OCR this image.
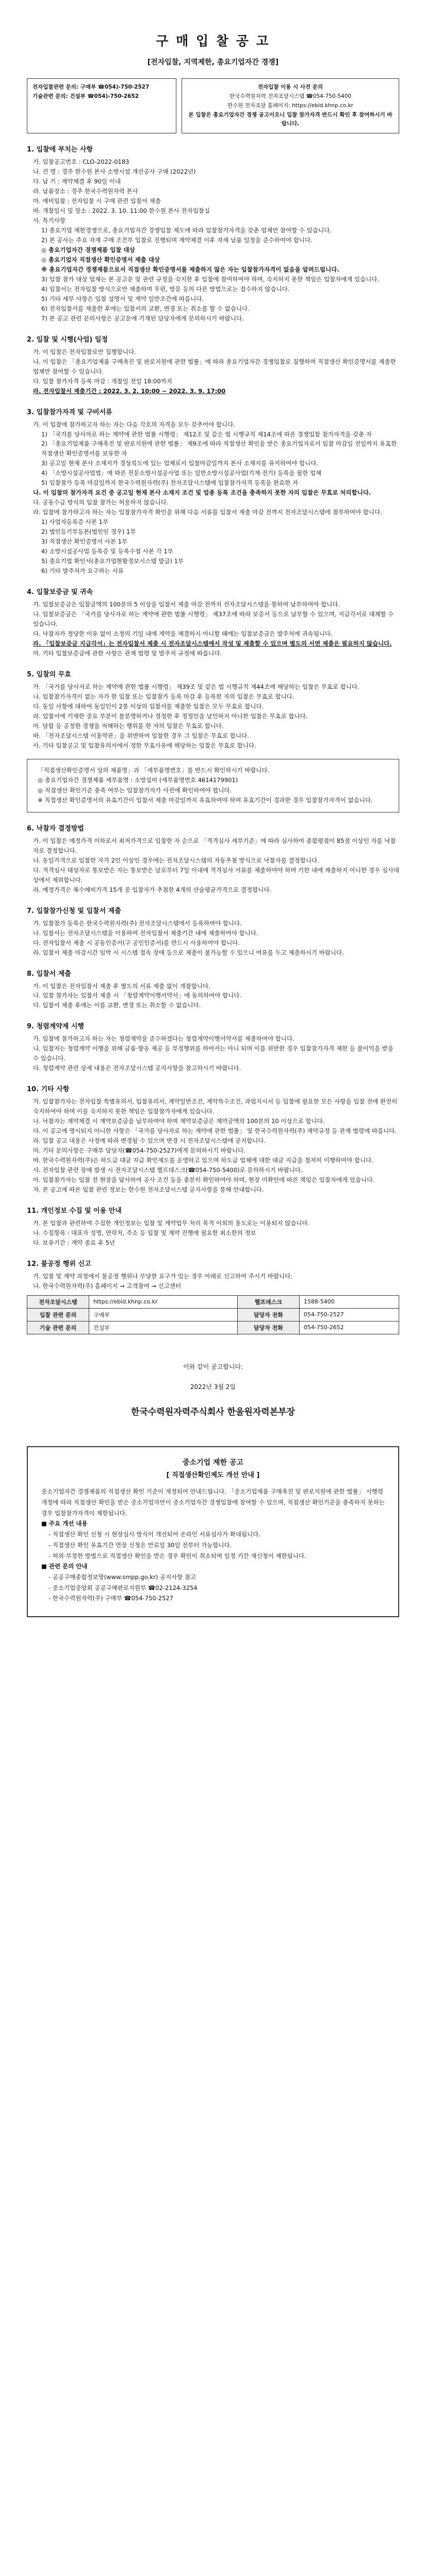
구 매 입 찰 공 고
[전자입찰, 지역제한, 총요기업자간 경쟁]
전자입찰관련 문의: 구매부 ☎054)-750-2527
기술관련 문의: 건설부 ☎054)-750-2652
전자입찰 이용 시 사전 문의
한국수력원자력 전자조달시스템 ☎054-750-5400
한수원 전자조달 홈페이지: https://ebid.khnp.co.kr
본 입찰은 총요기업자간 경쟁 공고이오니 입찰 참가자격 반드시 확인 후 참여하시기 바랍니다.
1. 입찰에 부치는 사항
가. 입찰공고번호 : CLO-2022-0183
나. 건 명 : 경주 한수원 본사 소방시설 개선공사 구매 (2022년)
다. 납 기 : 계약체결 후 90일 이내
라. 납품장소 : 경주 한국수력원자력 본사
마. 예비입찰 : 전자입찰 시 구매 관련 입찰서 제출
바. 개찰일시 및 장소 : 2022. 3. 10. 11:00 한수원 본사 전자입찰실
사. 특기사항
1) 총요기업 제한경쟁으로, 총요기업자간 경쟁입찰 제도에 따라 입찰참가자격을 갖춘 업체만 참여할 수 있습니다.
2) 본 공사는 주요 자재 구매 조건부 입찰로 진행되며 계약체결 이후 자재 납품 일정을 준수하여야 합니다.
◎ 총요기업자간 경쟁제품 입찰 대상
◎ 총요기업자 직접생산 확인증명서 제출 대상
※ 총요기업자간 경쟁제품으로서 직접생산 확인증명서를 제출하지 않은 자는 입찰참가자격이 없음을 알려드립니다.
3) 입찰 참가 대상 업체는 본 공고문 및 관련 규정을 숙지한 후 입찰에 참여하여야 하며, 숙지하지 못한 책임은 입찰자에게 있습니다.
4) 입찰서는 전자입찰 방식으로만 제출하며 우편, 방문 등의 다른 방법으로는 접수하지 않습니다.
5) 기타 세부 사항은 입찰 설명서 및 계약 일반조건에 따릅니다.
6) 전자입찰서를 제출한 후에는 입찰서의 교환, 변경 또는 취소를 할 수 없습니다.
7) 본 공고 관련 문의사항은 공고문에 기재된 담당자에게 문의하시기 바랍니다.
2. 입찰 및 시행(사업) 일정
가. 이 입찰은 전자입찰로만 집행합니다.
나. 이 입찰은 「총요기업제품 구매촉진 및 판로지원에 관한 법률」에 따라 총요기업자간 경쟁입찰로 집행하며 직접생산 확인증명서를 제출한 업체만 참여할 수 있습니다.
다. 입찰 참가자격 등록 마감 : 개찰일 전일 18:00까지
라. 전자입찰서 제출기간 : 2022. 3. 2. 10:00 ~ 2022. 3. 9. 17:00
3. 입찰참가자격 및 구비서류
가. 이 입찰에 참가하고자 하는 자는 다음 각호의 자격을 모두 갖추어야 합니다.
1) 「국가를 당사자로 하는 계약에 관한 법률 시행령」 제12조 및 같은 법 시행규칙 제14조에 따른 경쟁입찰 참가자격을 갖춘 자
2) 「총요기업제품 구매촉진 및 판로지원에 관한 법률」 제9조에 따라 직접생산 확인을 받은 총요기업자로서 입찰 마감일 전일까지 유효한 직접생산 확인증명서를 보유한 자
3) 공고일 현재 본사 소재지가 경상북도에 있는 업체로서 입찰마감일까지 본사 소재지를 유지하여야 합니다.
4) 「소방시설공사업법」에 따른 전문소방시설공사업 또는 일반소방시설공사업(기계·전기) 등록을 필한 업체
5) 입찰참가 등록 마감일까지 한국수력원자력(주) 전자조달시스템에 입찰참가자격 등록을 완료한 자
나. 이 입찰의 참가자격 요건 중 공고일 현재 본사 소재지 조건 및 업종 등록 조건을 충족하지 못한 자의 입찰은 무효로 처리합니다.
다. 공동수급 방식의 입찰 참가는 허용하지 않습니다.
라. 입찰에 참가하고자 하는 자는 입찰참가자격 확인을 위해 다음 서류를 입찰서 제출 마감 전까지 전자조달시스템에 첨부하여야 합니다.
1) 사업자등록증 사본 1부
2) 법인등기부등본(법인인 경우) 1부
3) 직접생산 확인증명서 사본 1부
4) 소방시설공사업 등록증 및 등록수첩 사본 각 1부
5) 총요기업 확인서(총요기업현황정보시스템 발급) 1부
6) 기타 발주처가 요구하는 서류
4. 입찰보증금 및 귀속
가. 입찰보증금은 입찰금액의 100분의 5 이상을 입찰서 제출 마감 전까지 전자조달시스템을 통하여 납부하여야 합니다.
나. 입찰보증금은 「국가를 당사자로 하는 계약에 관한 법률 시행령」 제37조에 따라 보증서 등으로 납부할 수 있으며, 지급각서로 대체할 수 있습니다.
다. 낙찰자가 정당한 이유 없이 소정의 기일 내에 계약을 체결하지 아니할 때에는 입찰보증금은 발주처에 귀속됩니다.
라. 「입찰보증금 지급각서」는 전자입찰서 제출 시 전자조달시스템에서 작성 및 제출할 수 있으며 별도의 서면 제출은 필요하지 않습니다.
마. 기타 입찰보증금에 관한 사항은 관계 법령 및 발주처 규정에 따릅니다.
5. 입찰의 무효
가. 「국가를 당사자로 하는 계약에 관한 법률 시행령」 제39조 및 같은 법 시행규칙 제44조에 해당하는 입찰은 무효로 합니다.
나. 입찰참가자격이 없는 자가 한 입찰 또는 입찰참가 등록 마감 후 등록한 자의 입찰은 무효로 합니다.
다. 동일 사항에 대하여 동일인이 2통 이상의 입찰서를 제출한 입찰은 모두 무효로 합니다.
라. 입찰서에 기재한 중요 부분이 불분명하거나 정정한 후 정정인을 날인하지 아니한 입찰은 무효로 합니다.
마. 담합 등 공정한 경쟁을 저해하는 행위를 한 자의 입찰은 무효로 합니다.
바. 「전자조달시스템 이용약관」을 위반하여 입찰한 경우 그 입찰은 무효로 합니다.
사. 기타 입찰공고 및 입찰유의서에서 정한 무효사유에 해당하는 입찰은 무효로 합니다.
「직접생산확인증명서 상의 제품명」과 「세부품명번호」를 반드시 확인하시기 바랍니다.
◎ 총요기업자간 경쟁제품 세부품명 : 소방설비 (세부품명번호 4614179901)
◎ 직접생산 확인기준 충족 여부는 입찰참가자가 사전에 확인하여야 합니다.
※ 직접생산 확인증명서의 유효기간이 입찰서 제출 마감일까지 유효하여야 하며 유효기간이 경과한 경우 입찰참가자격이 없습니다.
6. 낙찰자 결정방법
가. 이 입찰은 예정가격 이하로서 최저가격으로 입찰한 자 순으로 「적격심사 세부기준」에 따라 심사하여 종합평점이 85점 이상인 자를 낙찰자로 결정합니다.
나. 동일가격으로 입찰한 자가 2인 이상인 경우에는 전자조달시스템의 자동추첨 방식으로 낙찰자를 결정합니다.
다. 적격심사 대상자로 통보받은 자는 통보받은 날로부터 7일 이내에 적격심사 서류를 제출하여야 하며 기한 내에 제출하지 아니한 경우 심사대상에서 제외합니다.
라. 예정가격은 복수예비가격 15개 중 입찰자가 추첨한 4개의 산술평균가격으로 결정합니다.
7. 입찰참가신청 및 입찰서 제출
가. 입찰참가 등록은 한국수력원자력(주) 전자조달시스템에서 등록하여야 합니다.
나. 입찰서는 전자조달시스템을 이용하여 전자입찰서 제출기간 내에 제출하여야 합니다.
다. 전자입찰서 제출 시 공동인증서(구 공인인증서)를 반드시 사용하여야 합니다.
라. 입찰서 제출 마감시간 임박 시 시스템 접속 장애 등으로 제출이 불가능할 수 있으니 여유를 두고 제출하시기 바랍니다.
8. 입찰서 제출
가. 이 입찰은 전자입찰서 제출 후 별도의 서류 제출 없이 개찰합니다.
나. 입찰 참가자는 입찰서 제출 시 「청렴계약이행서약서」에 동의하여야 합니다.
다. 입찰서 제출 후에는 이를 교환, 변경 또는 취소할 수 없습니다.
9. 청렴계약제 시행
가. 입찰에 참가하고자 하는 자는 청렴계약을 준수하겠다는 청렴계약이행서약서를 제출하여야 합니다.
나. 입찰자는 청렴계약 이행을 위해 금품·향응 제공 등 부정행위를 하여서는 아니 되며 이를 위반한 경우 입찰참가자격 제한 등 불이익을 받을 수 있습니다.
다. 청렴계약 관련 상세 내용은 전자조달시스템 공지사항을 참고하시기 바랍니다.
10. 기타 사항
가. 입찰참가자는 전자입찰 특별유의서, 입찰유의서, 계약일반조건, 계약특수조건, 과업지시서 등 입찰에 필요한 모든 사항을 입찰 전에 완전히 숙지하여야 하며 이를 숙지하지 못한 책임은 입찰참가자에게 있습니다.
나. 낙찰자는 계약체결 시 계약보증금을 납부하여야 하며 계약보증금은 계약금액의 100분의 10 이상으로 합니다.
다. 이 공고에 명시되지 아니한 사항은 「국가를 당사자로 하는 계약에 관한 법률」 및 한국수력원자력(주) 계약규정 등 관계 법령에 따릅니다.
라. 입찰 공고 내용은 사정에 따라 변경될 수 있으며 변경 시 전자조달시스템에 공지합니다.
마. 기타 문의사항은 구매부 담당자(☎054-750-2527)에게 문의하시기 바랍니다.
바. 한국수력원자력(주)은 하도급 대금 지급 확인제도를 운영하고 있으며 하도급 업체에 대한 대금 지급을 철저히 이행하여야 합니다.
사. 전자입찰 관련 장애 발생 시 전자조달시스템 헬프데스크(☎054-750-5400)로 문의하시기 바랍니다.
아. 입찰참가자는 입찰 전 현장을 답사하여 공사 조건 등을 충분히 확인하여야 하며, 현장 미확인에 따른 책임은 입찰자에게 있습니다.
자. 본 공고에 따른 입찰 관련 정보는 한수원 전자조달시스템 공지사항을 통해 안내합니다.
11. 개인정보 수집 및 이용 안내
가. 본 입찰과 관련하여 수집한 개인정보는 입찰 및 계약업무 처리 목적 이외의 용도로는 이용되지 않습니다.
나. 수집항목 : 대표자 성명, 연락처, 주소 등 입찰 및 계약 진행에 필요한 최소한의 정보
다. 보유기간 : 계약 종료 후 5년
12. 불공정 행위 신고
가. 입찰 및 계약 과정에서 불공정 행위나 부당한 요구가 있는 경우 아래로 신고하여 주시기 바랍니다.
나. 한국수력원자력(주) 홈페이지 → 고객참여 → 신고센터
전자조달시스템	https://ebid.khnp.co.kr	헬프데스크	1588-5400
입찰 관련 문의	구매부	담당자 전화	054-750-2527
기술 관련 문의	건설부	담당자 전화	054-750-2652
이와 같이 공고합니다.
2022년 3월 2일
한국수력원자력주식회사 한울원자력본부장
중소기업 제한 공고
[ 직접생산확인제도 개선 안내 ]
중소기업자간 경쟁제품의 직접생산 확인 기준이 개정되어 안내드립니다. 「중소기업제품 구매촉진 및 판로지원에 관한 법률」 시행령 개정에 따라 직접생산 확인을 받은 중소기업자만이 중소기업자간 경쟁입찰에 참여할 수 있으며, 직접생산 확인기준을 충족하지 못하는 경우 입찰참가자격이 제한됩니다.
■ 주요 개선 내용
- 직접생산 확인 신청 시 현장실사 방식이 개선되어 온라인 서류심사가 확대됩니다.
- 직접생산 확인 유효기간 연장 신청은 만료일 30일 전부터 가능합니다.
- 허위·부정한 방법으로 직접생산 확인을 받은 경우 확인이 취소되며 일정 기간 재신청이 제한됩니다.
■ 관련 문의 안내
- 공공구매종합정보망(www.smpp.go.kr) 공지사항 참고
- 중소기업중앙회 공공구매판로지원부 ☎02-2124-3254
- 한국수력원자력(주) 구매부 ☎054-750-2527
